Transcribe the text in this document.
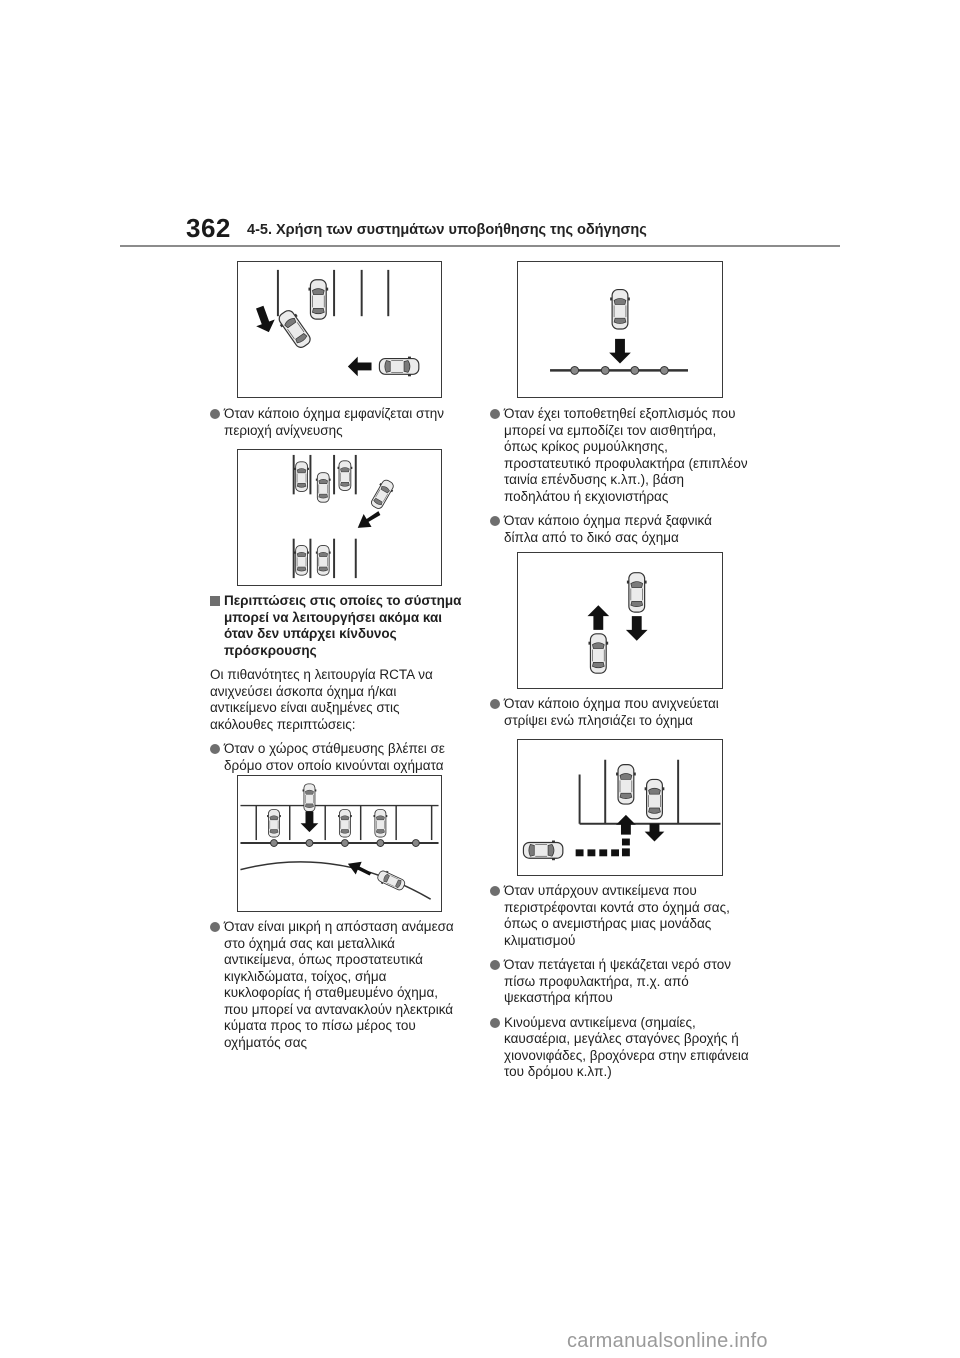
362 4-5. Χρήση των συστημάτων υποβοήθησης της οδήγησης
Όταν κάποιο όχημα εμφανίζεται στην περιοχή ανίχνευσης
Περιπτώσεις στις οποίες το σύστημα μπορεί να λειτουργήσει ακόμα και όταν δεν υπάρχει κίνδυνος πρόσκρουσης
Οι πιθανότητες η λειτουργία RCTA να ανιχνεύσει άσκοπα όχημα ή/και αντικείμενο είναι αυξημένες στις ακόλουθες περιπτώσεις:
Όταν ο χώρος στάθμευσης βλέπει σε δρόμο στον οποίο κινούνται οχήματα
Όταν είναι μικρή η απόσταση ανάμεσα στο όχημά σας και μεταλλικά αντικείμενα, όπως προστατευτικά κιγκλιδώματα, τοίχος, σήμα κυκλοφορίας ή σταθμευμένο όχημα, που μπορεί να αντανακλούν ηλεκτρικά κύματα προς το πίσω μέρος του οχήματός σας
Όταν έχει τοποθετηθεί εξοπλισμός που μπορεί να εμποδίζει τον αισθητήρα, όπως κρίκος ρυμούλκησης, προστατευτικό προφυλακτήρα (επιπλέον ταινία επένδυσης κ.λπ.), βάση ποδηλάτου ή εκχιονιστήρας
Όταν κάποιο όχημα περνά ξαφνικά δίπλα από το δικό σας όχημα
Όταν κάποιο όχημα που ανιχνεύεται στρίψει ενώ πλησιάζει το όχημα
Όταν υπάρχουν αντικείμενα που περιστρέφονται κοντά στο όχημά σας, όπως ο ανεμιστήρας μιας μονάδας κλιματισμού
Όταν πετάγεται ή ψεκάζεται νερό στον πίσω προφυλακτήρα, π.χ. από ψεκαστήρα κήπου
Κινούμενα αντικείμενα (σημαίες, καυσαέρια, μεγάλες σταγόνες βροχής ή χιονονιφάδες, βροχόνερα στην επιφάνεια του δρόμου κ.λπ.)
carmanualsonline.info
